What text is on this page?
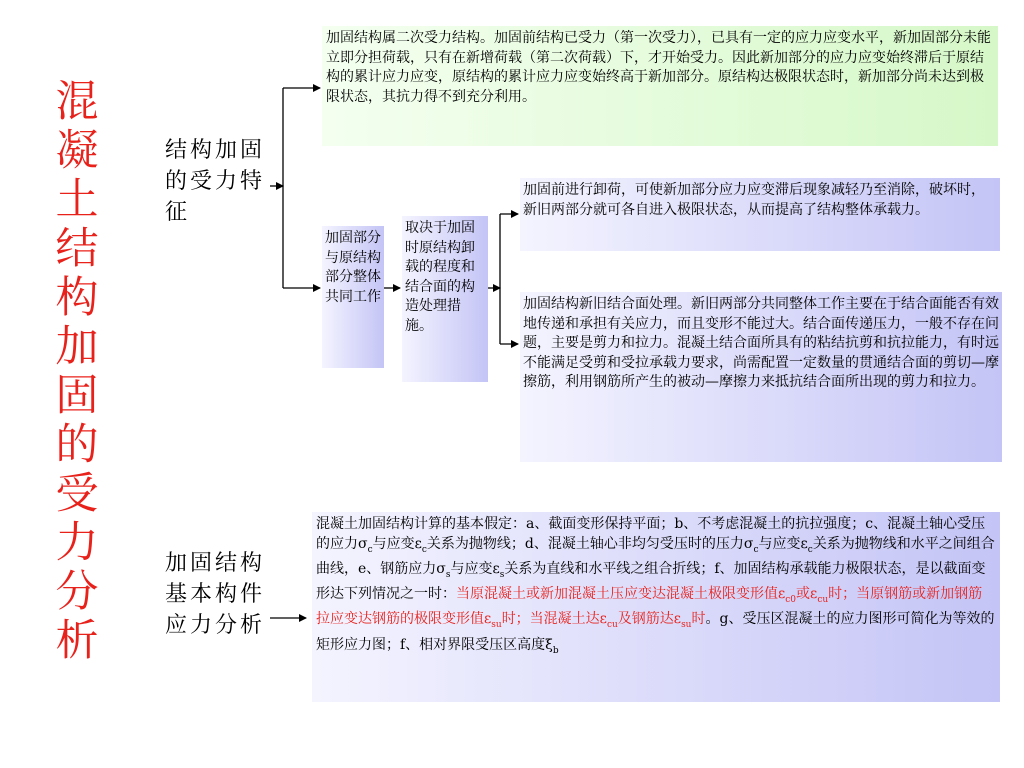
混凝土结构加固的受力分析
结构加固的受力特征
加固结构基本构件应力分析
加固结构属二次受力结构。加固前结构已受力（第一次受力），已具有一定的应力应变水平，新加固部分未能立即分担荷载，只有在新增荷载（第二次荷载）下，才开始受力。因此新加部分的应力应变始终滞后于原结构的累计应力应变，原结构的累计应力应变始终高于新加部分。原结构达极限状态时，新加部分尚未达到极限状态，其抗力得不到充分利用。
加固部分与原结构部分整体共同工作
取决于加固时原结构卸载的程度和结合面的构造处理措施。
加固前进行卸荷，可使新加部分应力应变滞后现象减轻乃至消除，破坏时，新旧两部分就可各自进入极限状态，从而提高了结构整体承载力。
加固结构新旧结合面处理。新旧两部分共同整体工作主要在于结合面能否有效地传递和承担有关应力，而且变形不能过大。结合面传递压力，一般不存在问题，主要是剪力和拉力。混凝土结合面所具有的粘结抗剪和抗拉能力，有时远不能满足受剪和受拉承载力要求，尚需配置一定数量的贯通结合面的剪切—摩擦筋，利用钢筋所产生的被动—摩擦力来抵抗结合面所出现的剪力和拉力。
混凝土加固结构计算的基本假定：a、截面变形保持平面；b、不考虑混凝土的抗拉强度；c、混凝土轴心受压的应力$\sigma_c$与应变$\varepsilon_c$关系为抛物线；d、混凝土轴心非均匀受压时的压力$\sigma_c$与应变$\varepsilon_c$关系为抛物线和水平之间组合曲线，e、钢筋应力$\sigma_s$与应变$\varepsilon_s$关系为直线和水平线之组合折线；f、加固结构承载能力极限状态，是以截面变形达下列情况之一时：当原混凝土或新加混凝土压应变达混凝土极限变形值$\varepsilon_{c0}$或$\varepsilon_{cu}$时；当原钢筋或新加钢筋拉应变达钢筋的极限变形值$\varepsilon_{su}$时；当混凝土达$\varepsilon_{cu}$及钢筋达$\varepsilon_{su}$时。g、受压区混凝土的应力图形可简化为等效的矩形应力图；f、相对界限受压区高度$\xi_b$
